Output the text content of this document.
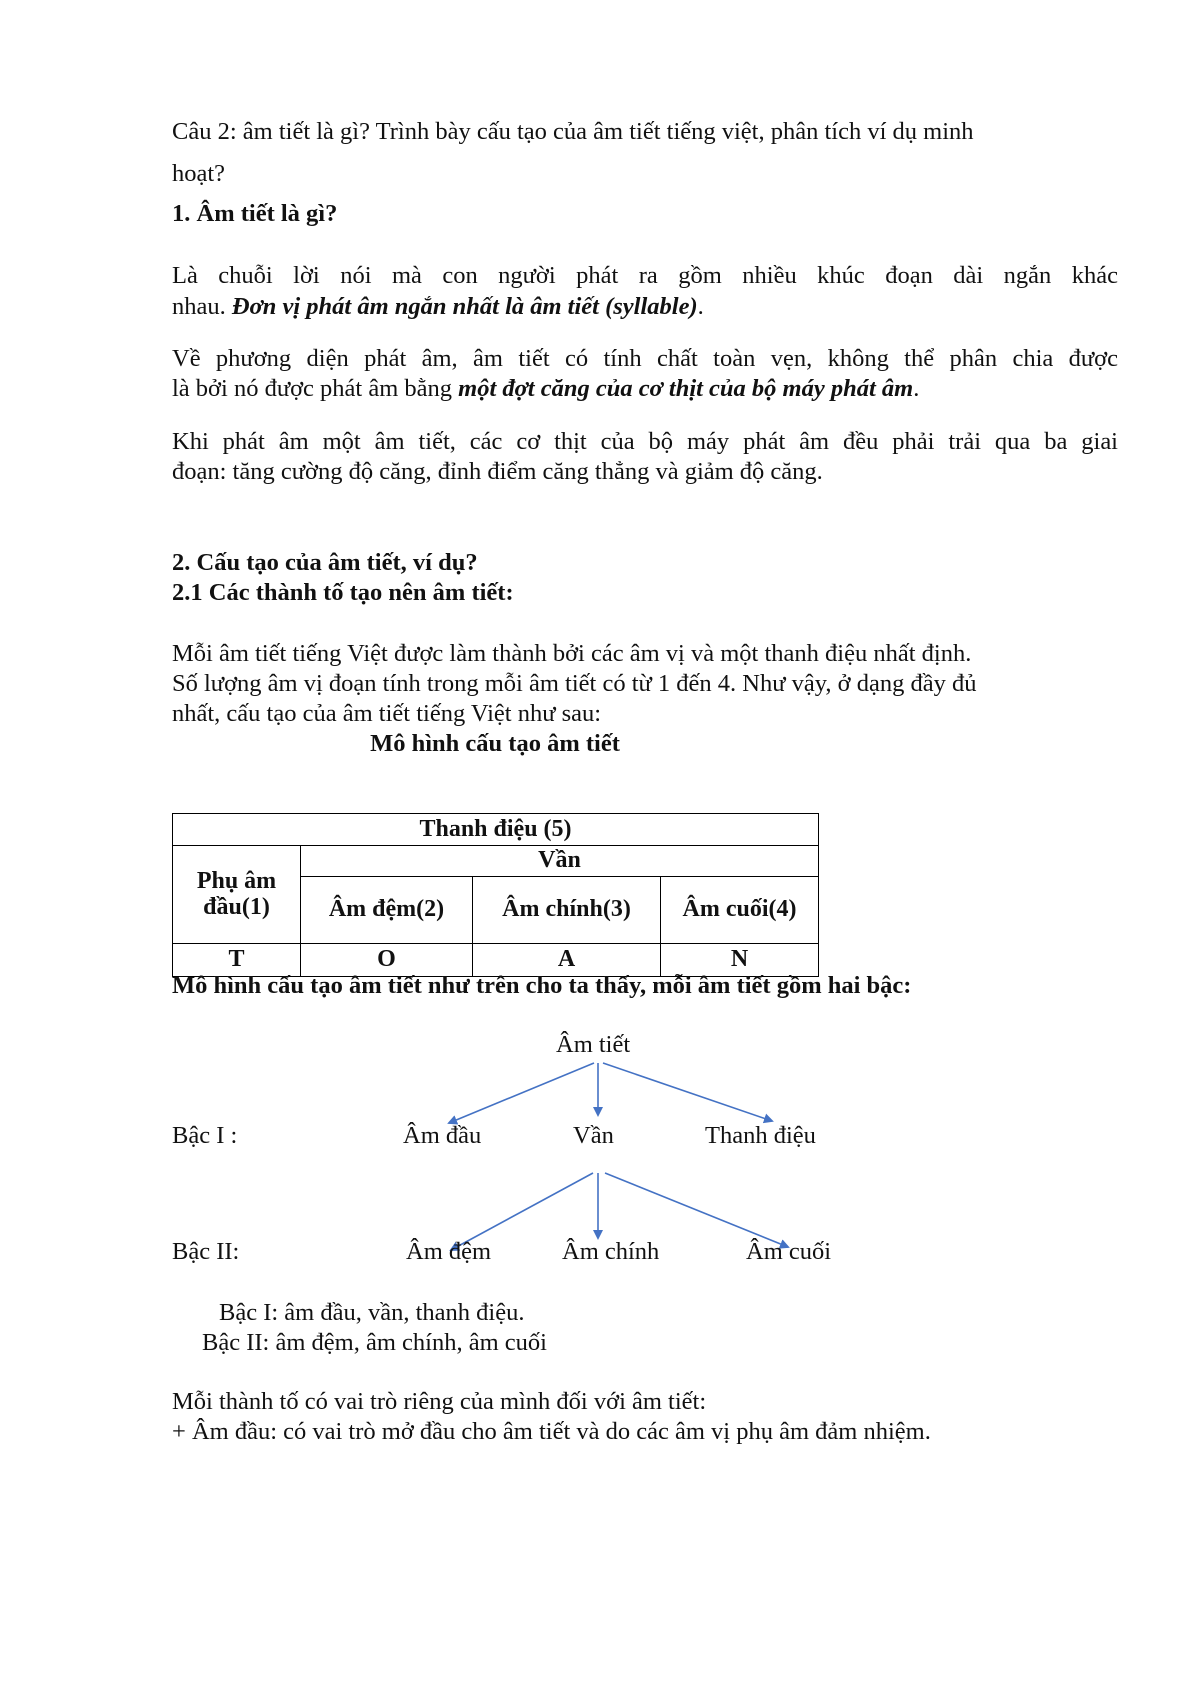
Câu 2: âm tiết là gì? Trình bày cấu tạo của âm tiết tiếng việt, phân tích ví dụ minh
hoạt?
1. Âm tiết là gì?
Là chuỗi lời nói mà con người phát ra gồm nhiều khúc đoạn dài ngắn khác
nhau. Đơn vị phát âm ngắn nhất là âm tiết (syllable).
Về phương diện phát âm, âm tiết có tính chất toàn vẹn, không thể phân chia được
là bởi nó được phát âm bằng một đợt căng của cơ thịt của bộ máy phát âm.
Khi phát âm một âm tiết, các cơ thịt của bộ máy phát âm đều phải trải qua ba giai
đoạn: tăng cường độ căng, đỉnh điểm căng thẳng và giảm độ căng.
2. Cấu tạo của âm tiết, ví dụ?
2.1 Các thành tố tạo nên âm tiết:
Mỗi âm tiết tiếng Việt được làm thành bởi các âm vị và một thanh điệu nhất định.
Số lượng âm vị đoạn tính trong mỗi âm tiết có từ 1 đến 4. Như vậy, ở dạng đầy đủ
nhất, cấu tạo của âm tiết tiếng Việt như sau:
Mô hình cấu tạo âm tiết
Thanh điệu (5)			
Phụ âm đầu(1)	Vần		
	Âm đệm(2)	Âm chính(3)	Âm cuối(4)
T	O	A	N
Mô hình cấu tạo âm tiết như trên cho ta thấy, mỗi âm tiết gồm hai bậc:
Âm tiết
Bậc I :	Âm đầu	Vần	Thanh điệu
Bậc II:	Âm đệm	Âm chính	Âm cuối
Bậc I: âm đầu, vần, thanh điệu.
Bậc II: âm đệm, âm chính, âm cuối
Mỗi thành tố có vai trò riêng của mình đối với âm tiết:
+ Âm đầu: có vai trò mở đầu cho âm tiết và do các âm vị phụ âm đảm nhiệm.
